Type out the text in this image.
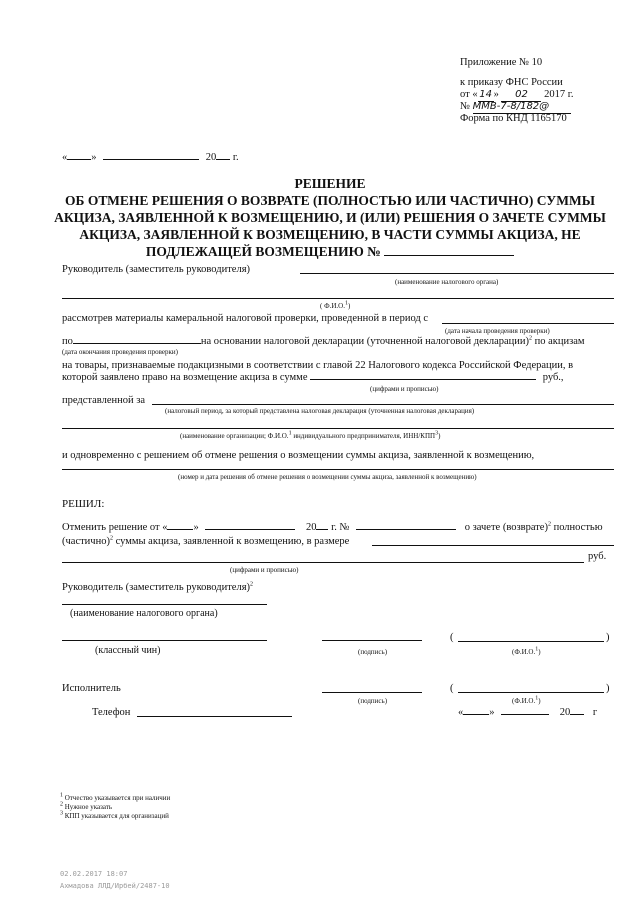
Приложение № 10
к приказу ФНС России
от « 14 » 02 2017 г.
№ ММВ-7-8/182@
Форма по КНД 1165170
« »	20 г.
РЕШЕНИЕ
ОБ ОТМЕНЕ РЕШЕНИЯ О ВОЗВРАТЕ (ПОЛНОСТЬЮ ИЛИ ЧАСТИЧНО) СУММЫ
АКЦИЗА, ЗАЯВЛЕННОЙ К ВОЗМЕЩЕНИЮ, И (ИЛИ) РЕШЕНИЯ О ЗАЧЕТЕ СУММЫ
АКЦИЗА, ЗАЯВЛЕННОЙ К ВОЗМЕЩЕНИЮ, В ЧАСТИ СУММЫ АКЦИЗА, НЕ
ПОДЛЕЖАЩЕЙ ВОЗМЕЩЕНИЮ №
Руководитель (заместитель руководителя)
(наименование налогового органа)
( Ф.И.О.$^1$)
рассмотрев материалы камеральной налоговой проверки, проведенной в период с
(дата начала проведения проверки)
по	на основании налоговой декларации (уточненной налоговой декларации)$^2$ по акцизам
(дата окончания проведения проверки)
на товары, признаваемые подакцизными в соответствии с главой 22 Налогового кодекса Российской Федерации, в
которой заявлено право на возмещение акциза в сумме	руб.,
(цифрами и прописью)
представленной за
(налоговый период, за который представлена налоговая декларация (уточненная налоговая декларация)
(наименование организации; Ф.И.О.$^1$ индивидуального предпринимателя, ИНН/КПП$^3$)
и одновременно с решением об отмене решения о возмещении суммы акциза, заявленной к возмещению,
(номер и дата решения об отмене решения о возмещении суммы акциза, заявленной к возмещению)
РЕШИЛ:
Отменить решение от « »	20 г. №	о зачете (возврате)$^2$ полностью
(частично)$^2$ суммы акциза, заявленной к возмещению, в размере
руб.
(цифрами и прописью)
Руководитель (заместитель руководителя)$^2$
(наименование налогового органа)
(классный чин)	(подпись)
(	)
(Ф.И.О.$^1$)
Исполнитель
(подпись)
(	)
(Ф.И.О.$^1$)
Телефон	« »	20 г
$^1$ Отчество указывается при наличии
$^2$ Нужное указать
$^3$ КПП указывается для организаций
02.02.2017 18:07
Ахмадова ЛЛД/Ирбей/2487-10
